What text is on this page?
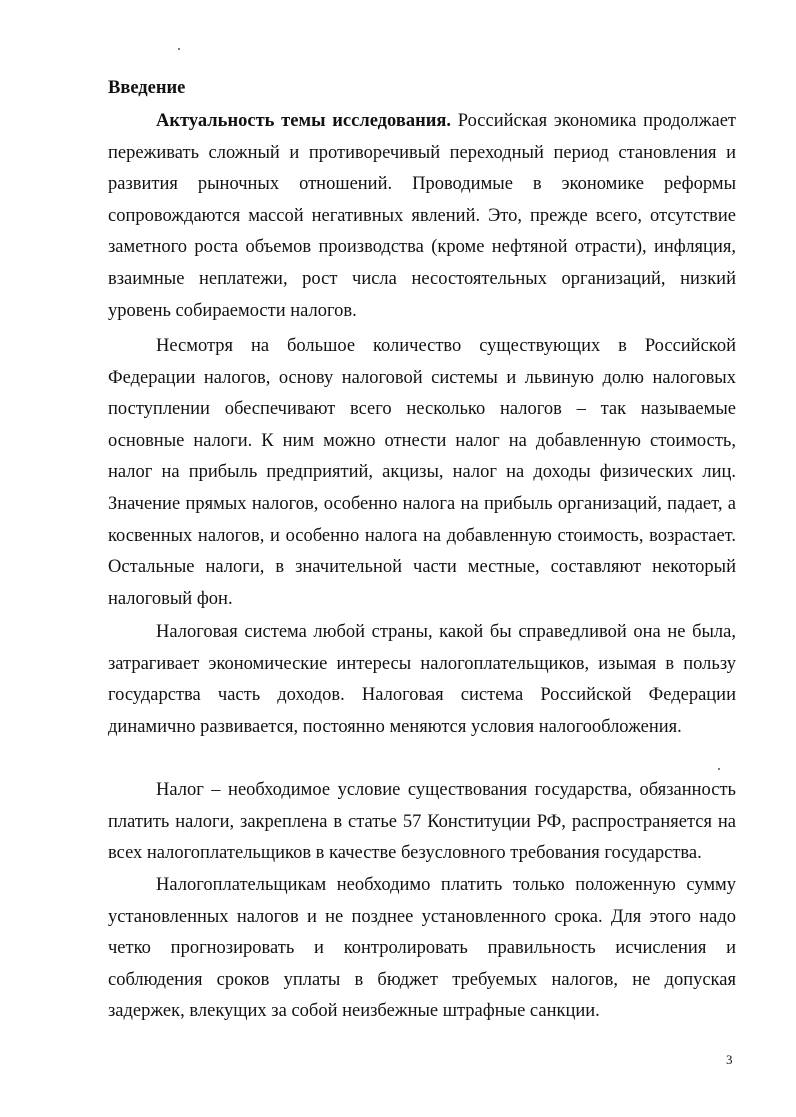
Введение

Актуальность темы исследования. Российская экономика продолжает переживать сложный и противоречивый переходный период становления и развития рыночных отношений. Проводимые в экономике реформы сопровождаются массой негативных явлений. Это, прежде всего, отсутствие заметного роста объемов производства (кроме нефтяной отрасти), инфляция, взаимные неплатежи, рост числа несостоятельных организаций, низкий уровень собираемости налогов.

Несмотря на большое количество существующих в Российской Федерации налогов, основу налоговой системы и львиную долю налоговых поступлении обеспечивают всего несколько налогов – так называемые основные налоги. К ним можно отнести налог на добавленную стоимость, налог на прибыль предприятий, акцизы, налог на доходы физических лиц. Значение прямых налогов, особенно налога на прибыль организаций, падает, а косвенных налогов, и особенно налога на добавленную стоимость, возрастает. Остальные налоги, в значительной части местные, составляют некоторый налоговый фон.

Налоговая система любой страны, какой бы справедливой она не была, затрагивает экономические интересы налогоплательщиков, изымая в пользу государства часть доходов. Налоговая система Российской Федерации динамично развивается, постоянно меняются условия налогообложения.

Налог – необходимое условие существования государства, обязанность платить налоги, закреплена в статье 57 Конституции РФ, распространяется на всех налогоплательщиков в качестве безусловного требования государства.

Налогоплательщикам необходимо платить только положенную сумму установленных налогов и не позднее установленного срока. Для этого надо четко прогнозировать и контролировать правильность исчисления и соблюдения сроков уплаты в бюджет требуемых налогов, не допуская задержек, влекущих за собой неизбежные штрафные санкции.

3
